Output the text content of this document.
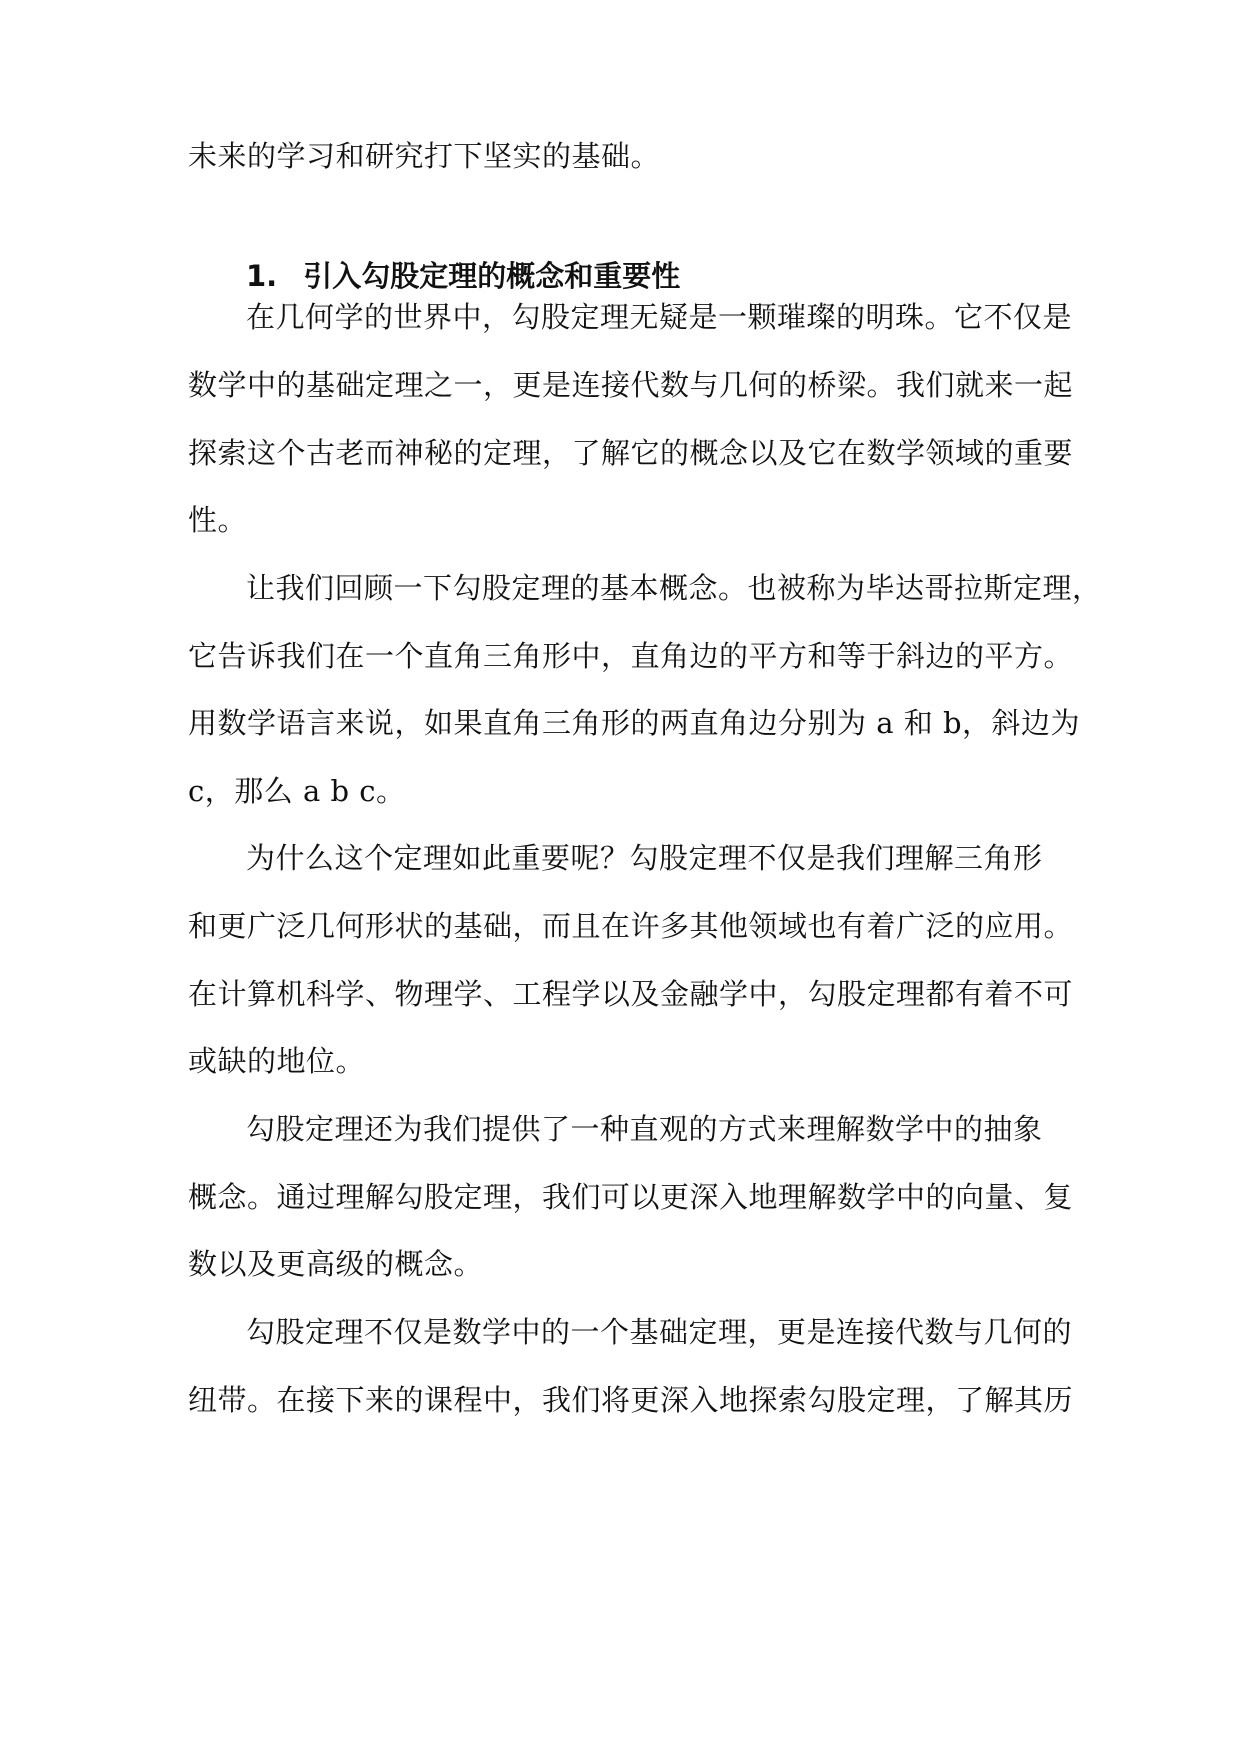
未来的学习和研究打下坚实的基础。
1. 引入勾股定理的概念和重要性
在几何学的世界中，勾股定理无疑是一颗璀璨的明珠。它不仅是
数学中的基础定理之一，更是连接代数与几何的桥梁。我们就来一起
探索这个古老而神秘的定理，了解它的概念以及它在数学领域的重要
性。
让我们回顾一下勾股定理的基本概念。也被称为毕达哥拉斯定理，
它告诉我们在一个直角三角形中，直角边的平方和等于斜边的平方。
用数学语言来说，如果直角三角形的两直角边分别为 a 和 b，斜边为
c，那么 a b c。
为什么这个定理如此重要呢？勾股定理不仅是我们理解三角形
和更广泛几何形状的基础，而且在许多其他领域也有着广泛的应用。
在计算机科学、物理学、工程学以及金融学中，勾股定理都有着不可
或缺的地位。
勾股定理还为我们提供了一种直观的方式来理解数学中的抽象
概念。通过理解勾股定理，我们可以更深入地理解数学中的向量、复
数以及更高级的概念。
勾股定理不仅是数学中的一个基础定理，更是连接代数与几何的
纽带。在接下来的课程中，我们将更深入地探索勾股定理，了解其历
